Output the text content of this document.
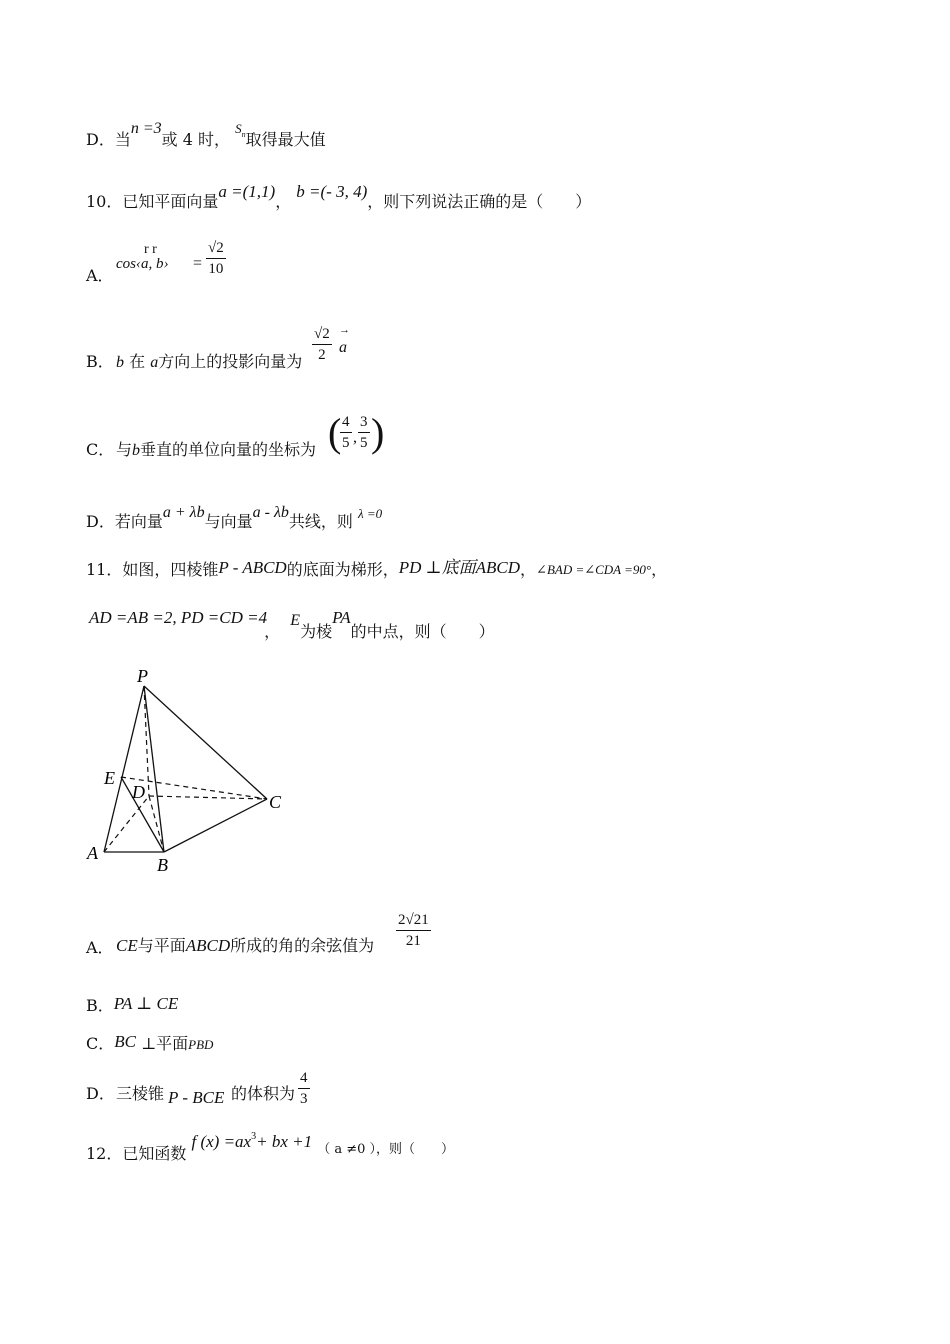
D．当n =3或 4 时， $^{Sn}$取得最大值
10．已知平面向量a =(1,1)， b =(- 3, 4)，则下列说法正确的是（　　）
A．
r r
cos‹a, b› = $\frac{√2}{10}$
B． b 在 a方向上的投影向量为 $\frac{√2}{2}$ →
a
C． 与b垂直的单位向量的坐标为 (
$\frac{4}{5}$ , $\frac{3}{5}$ )
D．若向量a + λb与向量a - λb共线，则 $^{\lambda =0}$
11．如图，四棱锥P - ABCD的底面为梯形，PD ⊥底面ABCD，∠BAD =∠CDA =90°，
AD =AB =2, PD =CD =4，  E为棱PA的中点，则（　　）
P
E
D	C
A
B
A． CE与平面ABCD所成的角的余弦值为 $\frac{2√21}{21}$
B．PA ⊥ CE
C．BC ⊥平面PBD
D． 三棱锥 P - BCE 的体积为 $\frac{4}{3}$
12．已知函数 f $(x) =ax^3+$ bx +1 $^{( a \ne 0 ),则( )}$
